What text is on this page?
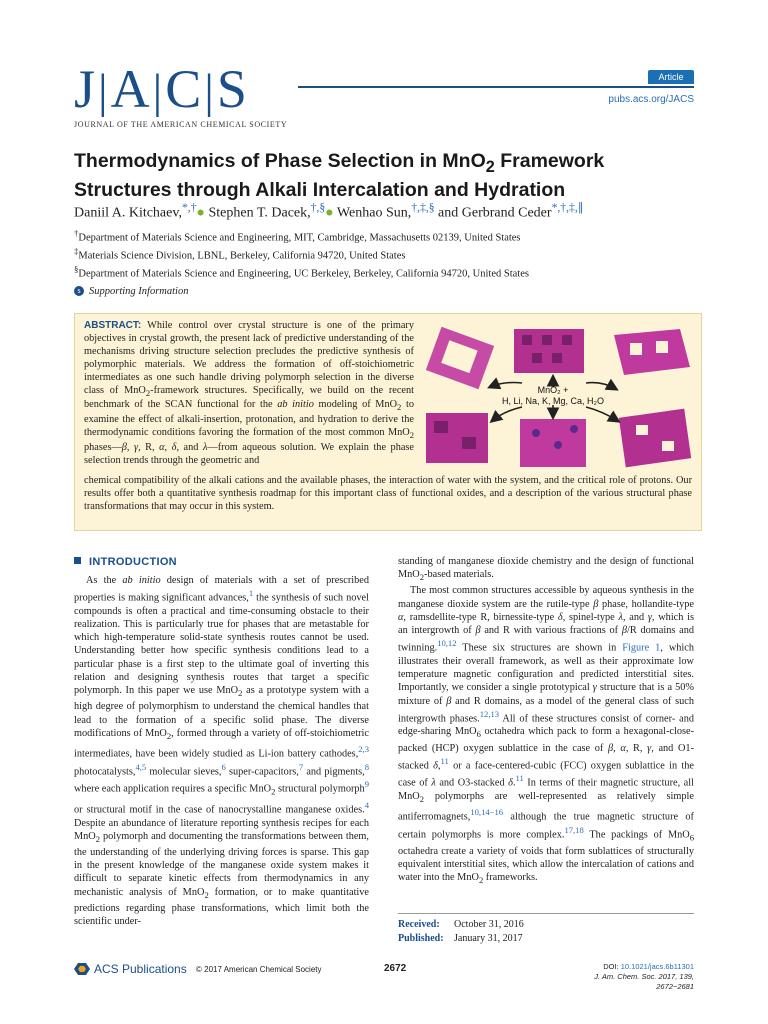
J|A|C|S
JOURNAL OF THE AMERICAN CHEMICAL SOCIETY
Article
pubs.acs.org/JACS
Thermodynamics of Phase Selection in MnO$_2$ Framework Structures through Alkali Intercalation and Hydration
Daniil A. Kitchaev,*,†● Stephen T. Dacek,†,§● Wenhao Sun,†,‡,§ and Gerbrand Ceder*,†,‡,∥
†Department of Materials Science and Engineering, MIT, Cambridge, Massachusetts 02139, United States
‡Materials Science Division, LBNL, Berkeley, California 94720, United States
§Department of Materials Science and Engineering, UC Berkeley, Berkeley, California 94720, United States
s Supporting Information
ABSTRACT: While control over crystal structure is one of the primary objectives in crystal growth, the present lack of predictive understanding of the mechanisms driving structure selection precludes the predictive synthesis of polymorphic materials. We address the formation of off-stoichiometric intermediates as one such handle driving polymorph selection in the diverse class of MnO$_2$-framework structures. Specifically, we build on the recent benchmark of the SCAN functional for the ab initio modeling of MnO$_2$ to examine the effect of alkali-insertion, protonation, and hydration to derive the thermodynamic conditions favoring the formation of the most common MnO$_2$ phases—β, γ, R, α, δ, and λ—from aqueous solution. We explain the phase selection trends through the geometric and
chemical compatibility of the alkali cations and the available phases, the interaction of water with the system, and the critical role of protons. Our results offer both a quantitative synthesis roadmap for this important class of functional oxides, and a description of the various structural phase transformations that may occur in this system.
MnO₂ +
H, Li, Na, K, Mg, Ca, H₂O
INTRODUCTION

As the ab initio design of materials with a set of prescribed properties is making significant advances,$^1$ the synthesis of such novel compounds is often a practical and time-consuming obstacle to their realization. This is particularly true for phases that are metastable for which high-temperature solid-state synthesis routes cannot be used. Understanding better how specific synthesis conditions lead to a particular phase is a first step to the ultimate goal of inverting this relation and designing synthesis routes that target a specific polymorph. In this paper we use MnO$_2$ as a prototype system with a high degree of polymorphism to understand the chemical handles that lead to the formation of a specific solid phase. The diverse modifications of MnO$_2$, formed through a variety of off-stoichiometric intermediates, have been widely studied as Li-ion battery cathodes,$^{2,3}$ photocatalysts,$^{4,5}$ molecular sieves,$^6$ super-capacitors,$^7$ and pigments,$^8$ where each application requires a specific MnO$_2$ structural polymorph$^9$ or structural motif in the case of nanocrystalline manganese oxides.$^4$ Despite an abundance of literature reporting synthesis recipes for each MnO$_2$ polymorph and documenting the transformations between them, the understanding of the underlying driving forces is sparse. This gap in the present knowledge of the manganese oxide system makes it difficult to separate kinetic effects from thermodynamics in any mechanistic analysis of MnO$_2$ formation, or to make quantitative predictions regarding phase transformations, which limit both the scientific under-

standing of manganese dioxide chemistry and the design of functional MnO$_2$-based materials.

The most common structures accessible by aqueous synthesis in the manganese dioxide system are the rutile-type β phase, hollandite-type α, ramsdellite-type R, birnessite-type δ, spinel-type λ, and γ, which is an intergrowth of β and R with various fractions of β/R domains and twinning.$^{10,12}$ These six structures are shown in Figure 1, which illustrates their overall framework, as well as their approximate low temperature magnetic configuration and predicted interstitial sites. Importantly, we consider a single prototypical γ structure that is a 50% mixture of β and R domains, as a model of the general class of such intergrowth phases.$^{12,13}$ All of these structures consist of corner- and edge-sharing MnO$_6$ octahedra which pack to form a hexagonal-close-packed (HCP) oxygen sublattice in the case of β, α, R, γ, and O1-stacked δ,$^{11}$ or a face-centered-cubic (FCC) oxygen sublattice in the case of λ and O3-stacked δ.$^{11}$ In terms of their magnetic structure, all MnO$_2$ polymorphs are well-represented as relatively simple antiferromagnets,$^{10,14-16}$ although the true magnetic structure of certain polymorphs is more complex.$^{17,18}$ The packings of MnO$_6$ octahedra create a variety of voids that form sublattices of structurally equivalent interstitial sites, which allow the intercalation of cations and water into the MnO$_2$ frameworks.

Received: October 31, 2016
Published: January 31, 2017
ACS Publications © 2017 American Chemical Society	2672	DOI: 10.1021/jacs.6b11301
J. Am. Chem. Soc. 2017, 139, 2672−2681
